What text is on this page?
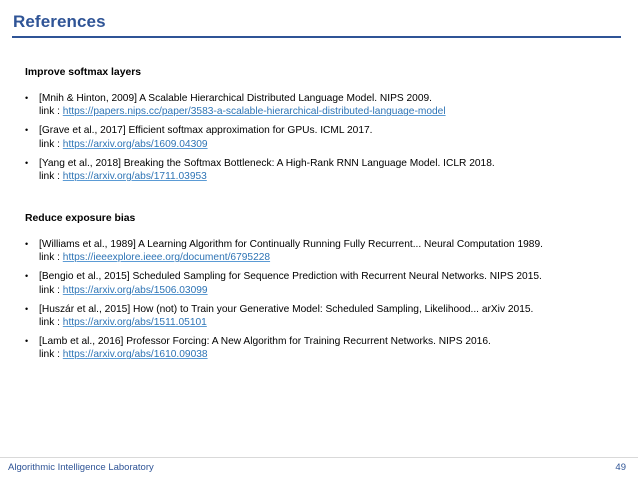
References
Improve softmax layers
• [Mnih & Hinton, 2009] A Scalable Hierarchical Distributed Language Model. NIPS 2009.
link : https://papers.nips.cc/paper/3583-a-scalable-hierarchical-distributed-language-model
• [Grave et al., 2017] Efficient softmax approximation for GPUs. ICML 2017.
link : https://arxiv.org/abs/1609.04309
• [Yang et al., 2018] Breaking the Softmax Bottleneck: A High-Rank RNN Language Model. ICLR 2018.
link : https://arxiv.org/abs/1711.03953
Reduce exposure bias
• [Williams et al., 1989] A Learning Algorithm for Continually Running Fully Recurrent... Neural Computation 1989.
link : https://ieeexplore.ieee.org/document/6795228
• [Bengio et al., 2015] Scheduled Sampling for Sequence Prediction with Recurrent Neural Networks. NIPS 2015.
link : https://arxiv.org/abs/1506.03099
• [Huszár et al., 2015] How (not) to Train your Generative Model: Scheduled Sampling, Likelihood... arXiv 2015.
link : https://arxiv.org/abs/1511.05101
• [Lamb et al., 2016] Professor Forcing: A New Algorithm for Training Recurrent Networks. NIPS 2016.
link : https://arxiv.org/abs/1610.09038
Algorithmic Intelligence Laboratory	49
